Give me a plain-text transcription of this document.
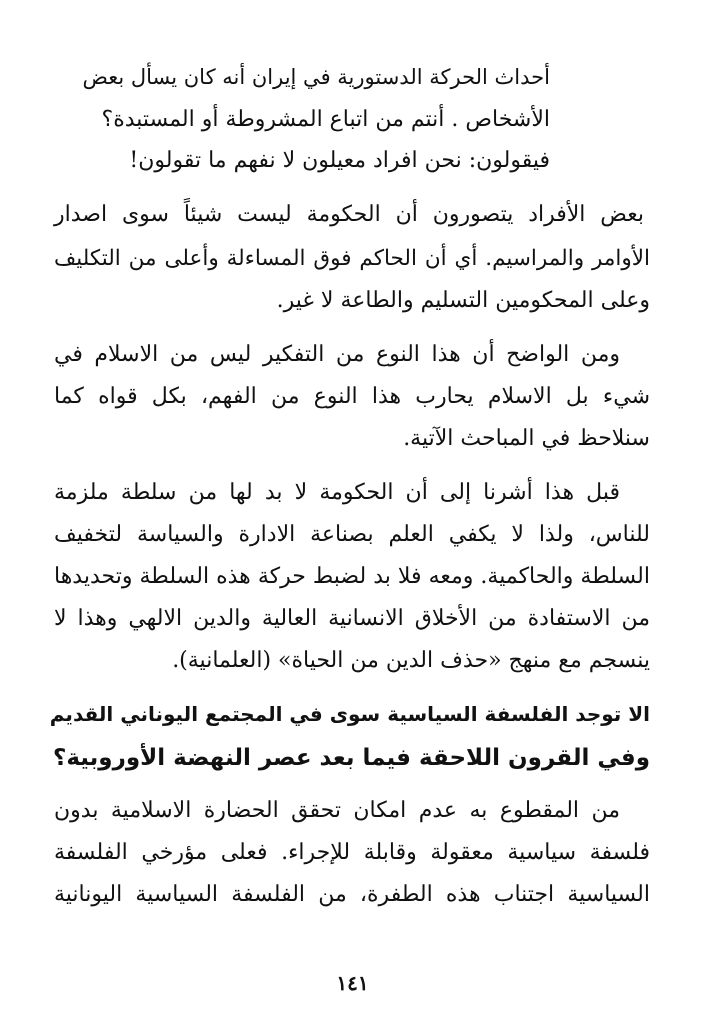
أحداث الحركة الدستورية في إيران أنه كان يسأل بعض
الأشخاص . أنتم من اتباع المشروطة أو المستبدة؟
فيقولون: نحن افراد معيلون لا نفهم ما تقولون!
بعض الأفراد يتصورون أن الحكومة ليست شيئاً سوى اصدار
الأوامر والمراسيم. أي أن الحاكم فوق المساءلة وأعلى من التكليف
وعلى المحكومين التسليم والطاعة لا غير.
ومن الواضح أن هذا النوع من التفكير ليس من الاسلام في
شيء بل الاسلام يحارب هذا النوع من الفهم، بكل قواه كما
سنلاحظ في المباحث الآتية.
قبل هذا أشرنا إلى أن الحكومة لا بد لها من سلطة ملزمة
للناس، ولذا لا يكفي العلم بصناعة الادارة والسياسة لتخفيف
السلطة والحاكمية. ومعه فلا بد لضبط حركة هذه السلطة وتحديدها
من الاستفادة من الأخلاق الانسانية العالية والدين الالهي وهذا لا
ينسجم مع منهج «حذف الدين من الحياة» (العلمانية).
الا توجد الفلسفة السياسية سوى في المجتمع اليوناني القديم
وفي القرون اللاحقة فيما بعد عصر النهضة الأوروبية؟
من المقطوع به عدم امكان تحقق الحضارة الاسلامية بدون
فلسفة سياسية معقولة وقابلة للإجراء. فعلى مؤرخي الفلسفة
السياسية اجتناب هذه الطفرة، من الفلسفة السياسية اليونانية
١٤١
